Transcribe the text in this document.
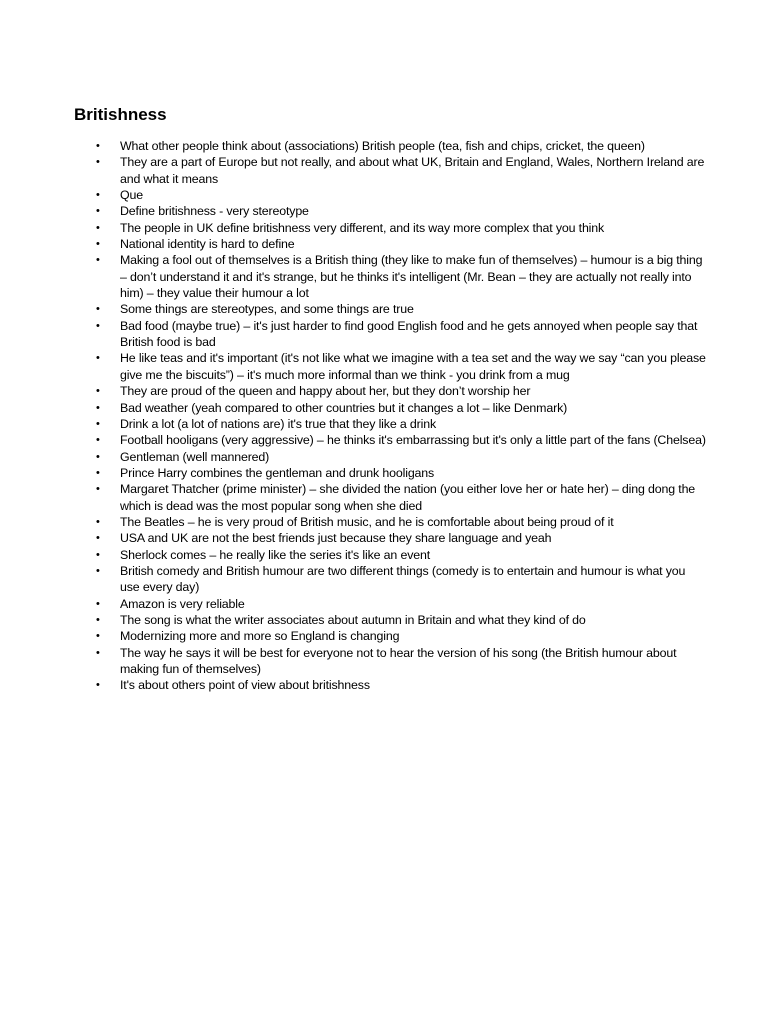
Britishness
•	What other people think about (associations) British people (tea, fish and chips, cricket, the queen)
•	They are a part of Europe but not really, and about what UK, Britain and England, Wales, Northern Ireland are and what it means
•	Que
•	Define britishness - very stereotype
•	The people in UK define britishness very different, and its way more complex that you think
•	National identity is hard to define
•	Making a fool out of themselves is a British thing (they like to make fun of themselves) – humour is a big thing – don’t understand it and it's strange, but he thinks it's intelligent (Mr. Bean – they are actually not really into him) – they value their humour a lot
•	Some things are stereotypes, and some things are true
•	Bad food (maybe true) – it's just harder to find good English food and he gets annoyed when people say that British food is bad
•	He like teas and it's important (it's not like what we imagine with a tea set and the way we say “can you please give me the biscuits”) – it's much more informal than we think - you drink from a mug
•	They are proud of the queen and happy about her, but they don’t worship her
•	Bad weather (yeah compared to other countries but it changes a lot – like Denmark)
•	Drink a lot (a lot of nations are) it's true that they like a drink
•	Football hooligans (very aggressive) – he thinks it's embarrassing but it's only a little part of the fans (Chelsea)
•	Gentleman (well mannered)
•	Prince Harry combines the gentleman and drunk hooligans
•	Margaret Thatcher (prime minister) – she divided the nation (you either love her or hate her) – ding dong the which is dead was the most popular song when she died
•	The Beatles – he is very proud of British music, and he is comfortable about being proud of it
•	USA and UK are not the best friends just because they share language and yeah
•	Sherlock comes – he really like the series it's like an event
•	British comedy and British humour are two different things (comedy is to entertain and humour is what you use every day)
•	Amazon is very reliable
•	The song is what the writer associates about autumn in Britain and what they kind of do
•	Modernizing more and more so England is changing
•	The way he says it will be best for everyone not to hear the version of his song (the British humour about making fun of themselves)
•	It's about others point of view about britishness
